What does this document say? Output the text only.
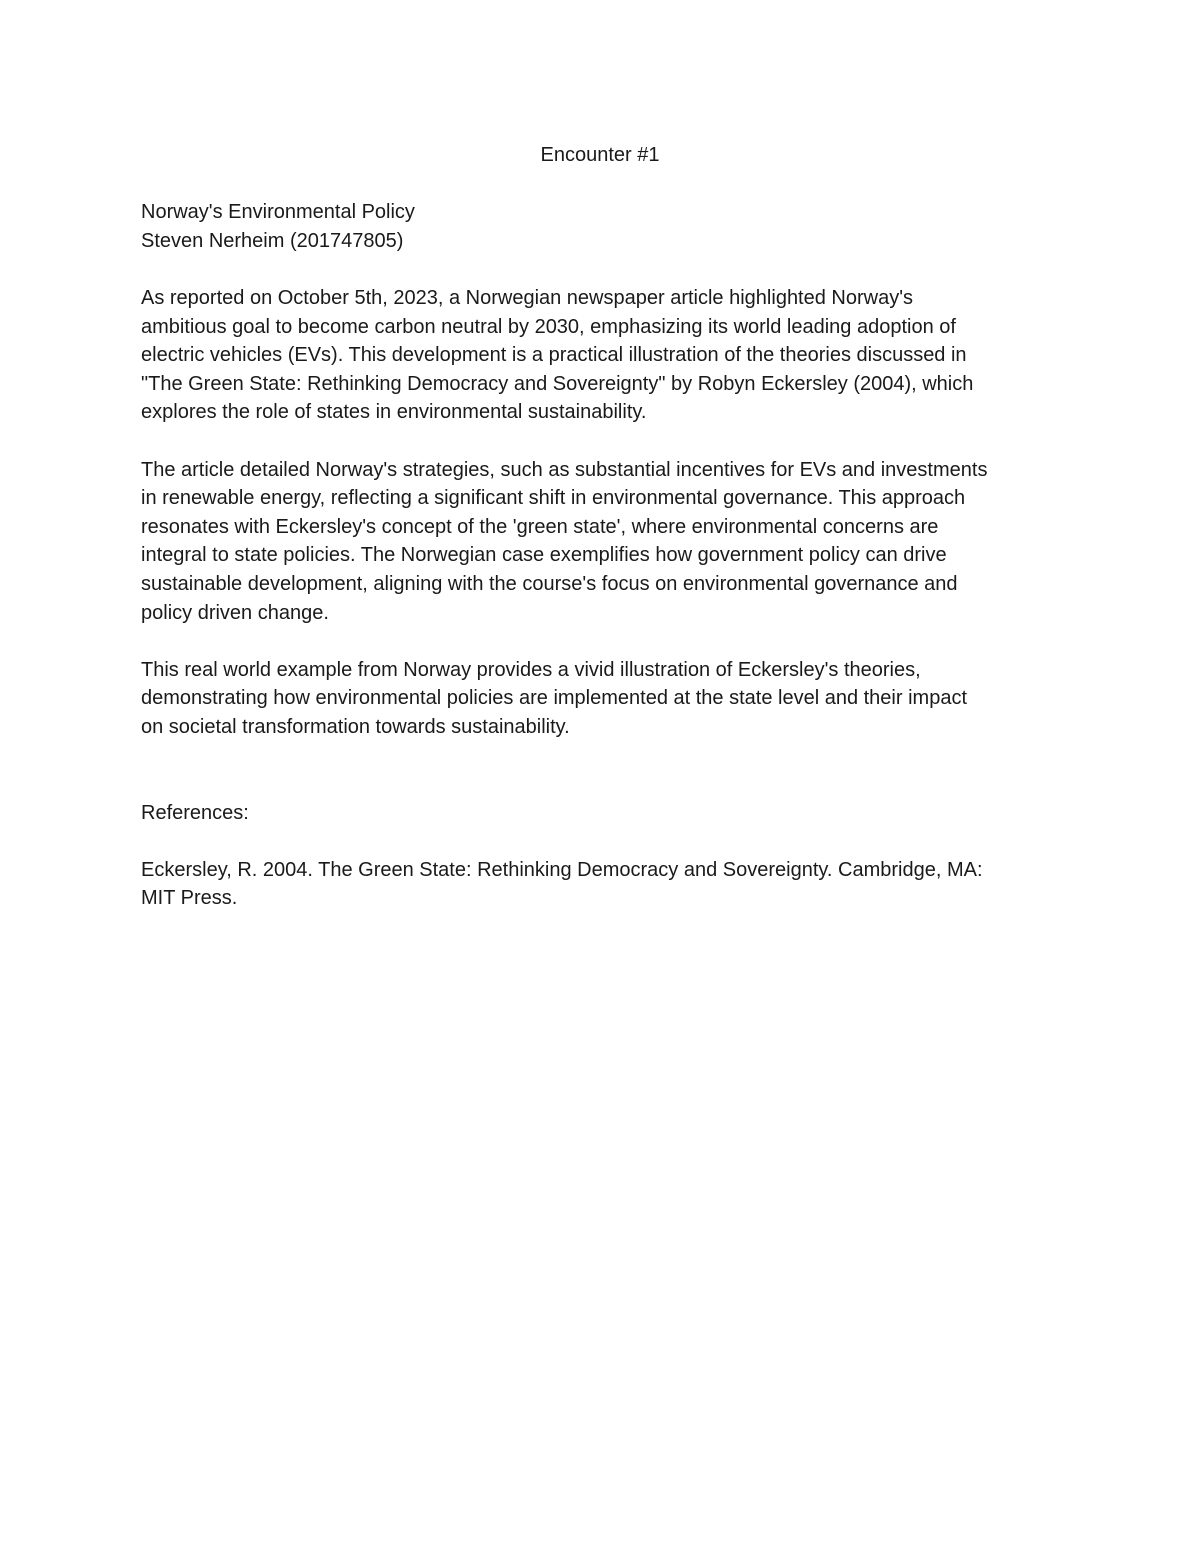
Encounter #1

Norway's Environmental Policy

Steven Nerheim (201747805)

As reported on October 5th, 2023, a Norwegian newspaper article highlighted Norway's
ambitious goal to become carbon neutral by 2030, emphasizing its world leading adoption of
electric vehicles (EVs). This development is a practical illustration of the theories discussed in
"The Green State: Rethinking Democracy and Sovereignty" by Robyn Eckersley (2004), which
explores the role of states in environmental sustainability.

The article detailed Norway's strategies, such as substantial incentives for EVs and investments
in renewable energy, reflecting a significant shift in environmental governance. This approach
resonates with Eckersley's concept of the 'green state', where environmental concerns are
integral to state policies. The Norwegian case exemplifies how government policy can drive
sustainable development, aligning with the course's focus on environmental governance and
policy driven change.

This real world example from Norway provides a vivid illustration of Eckersley's theories,
demonstrating how environmental policies are implemented at the state level and their impact
on societal transformation towards sustainability.

References:

Eckersley, R. 2004. The Green State: Rethinking Democracy and Sovereignty. Cambridge, MA:
MIT Press.
